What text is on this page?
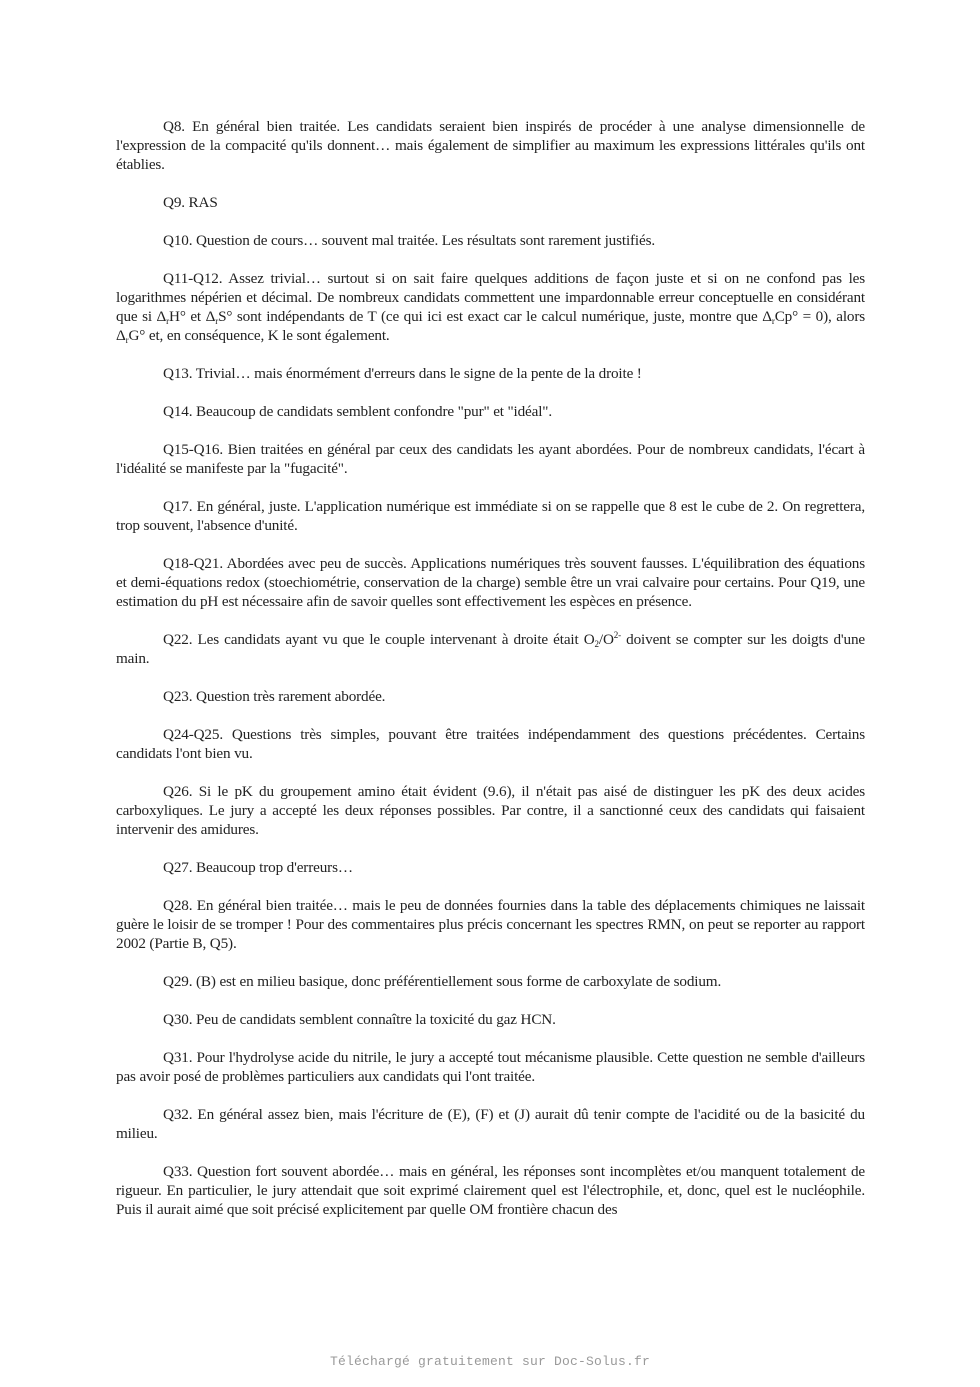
Q8. En général bien traitée. Les candidats seraient bien inspirés de procéder à une analyse dimensionnelle de l'expression de la compacité qu'ils donnent… mais également de simplifier au maximum les expressions littérales qu'ils ont établies.

Q9. RAS

Q10. Question de cours… souvent mal traitée. Les résultats sont rarement justifiés.

Q11-Q12. Assez trivial… surtout si on sait faire quelques additions de façon juste et si on ne confond pas les logarithmes népérien et décimal. De nombreux candidats commettent une impardonnable erreur conceptuelle en considérant que si $\Delta_rH^\circ$ et $\Delta_rS^\circ$ sont indépendants de T (ce qui ici est exact car le calcul numérique, juste, montre que $\Delta_rCp^\circ = 0$), alors $\Delta_rG^\circ$ et, en conséquence, K le sont également.

Q13. Trivial… mais énormément d'erreurs dans le signe de la pente de la droite !

Q14. Beaucoup de candidats semblent confondre "pur" et "idéal".

Q15-Q16. Bien traitées en général par ceux des candidats les ayant abordées. Pour de nombreux candidats, l'écart à l'idéalité se manifeste par la "fugacité".

Q17. En général, juste. L'application numérique est immédiate si on se rappelle que 8 est le cube de 2. On regrettera, trop souvent, l'absence d'unité.

Q18-Q21. Abordées avec peu de succès. Applications numériques très souvent fausses. L'équilibration des équations et demi-équations redox (stoechiométrie, conservation de la charge) semble être un vrai calvaire pour certains. Pour Q19, une estimation du pH est nécessaire afin de savoir quelles sont effectivement les espèces en présence.

Q22. Les candidats ayant vu que le couple intervenant à droite était $O_2/O^{2-}$ doivent se compter sur les doigts d'une main.

Q23. Question très rarement abordée.

Q24-Q25. Questions très simples, pouvant être traitées indépendamment des questions précédentes. Certains candidats l'ont bien vu.

Q26. Si le pK du groupement amino était évident (9.6), il n'était pas aisé de distinguer les pK des deux acides carboxyliques. Le jury a accepté les deux réponses possibles. Par contre, il a sanctionné ceux des candidats qui faisaient intervenir des amidures.

Q27. Beaucoup trop d'erreurs…

Q28. En général bien traitée… mais le peu de données fournies dans la table des déplacements chimiques ne laissait guère le loisir de se tromper ! Pour des commentaires plus précis concernant les spectres RMN, on peut se reporter au rapport 2002 (Partie B, Q5).

Q29. (B) est en milieu basique, donc préférentiellement sous forme de carboxylate de sodium.

Q30. Peu de candidats semblent connaître la toxicité du gaz HCN.

Q31. Pour l'hydrolyse acide du nitrile, le jury a accepté tout mécanisme plausible. Cette question ne semble d'ailleurs pas avoir posé de problèmes particuliers aux candidats qui l'ont traitée.

Q32. En général assez bien, mais l'écriture de (E), (F) et (J) aurait dû tenir compte de l'acidité ou de la basicité du milieu.

Q33. Question fort souvent abordée… mais en général, les réponses sont incomplètes et/ou manquent totalement de rigueur. En particulier, le jury attendait que soit exprimé clairement quel est l'électrophile, et, donc, quel est le nucléophile. Puis il aurait aimé que soit précisé explicitement par quelle OM frontière chacun des

Téléchargé gratuitement sur Doc-Solus.fr
